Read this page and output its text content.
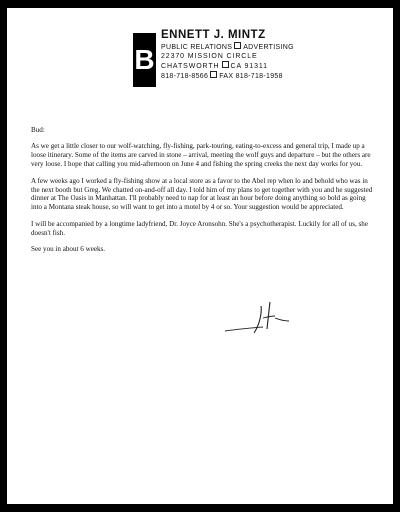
B
ENNETT J. MINTZ
PUBLIC RELATIONS ADVERTISING
22370 MISSION CIRCLE
CHATSWORTH CA 91311
818-718-8566 FAX 818-718-1958

Bud:

As we get a little closer to our wolf-watching, fly-fishing, park-touring, eating-to-excess and general trip, I made up a loose itinerary. Some of the items are carved in stone – arrival, meeting the wolf guys and departure – but the others are very loose. I hope that calling you mid-afternoon on June 4 and fishing the spring creeks the next day works for you.

A few weeks ago I worked a fly-fishing show at a local store as a favor to the Abel rep when lo and behold who was in the next booth but Greg. We chatted on-and-off all day. I told him of my plans to get together with you and he suggested dinner at The Oasis in Manhattan. I'll probably need to nap for at least an hour before doing anything so bold as going into a Montana steak house, so will want to get into a motel by 4 or so. Your suggestion would be appreciated.

I will be accompanied by a longtime ladyfriend, Dr. Joyce Aronsohn. She's a psychotherapist. Luckily for all of us, she doesn't fish.

See you in about 6 weeks.
